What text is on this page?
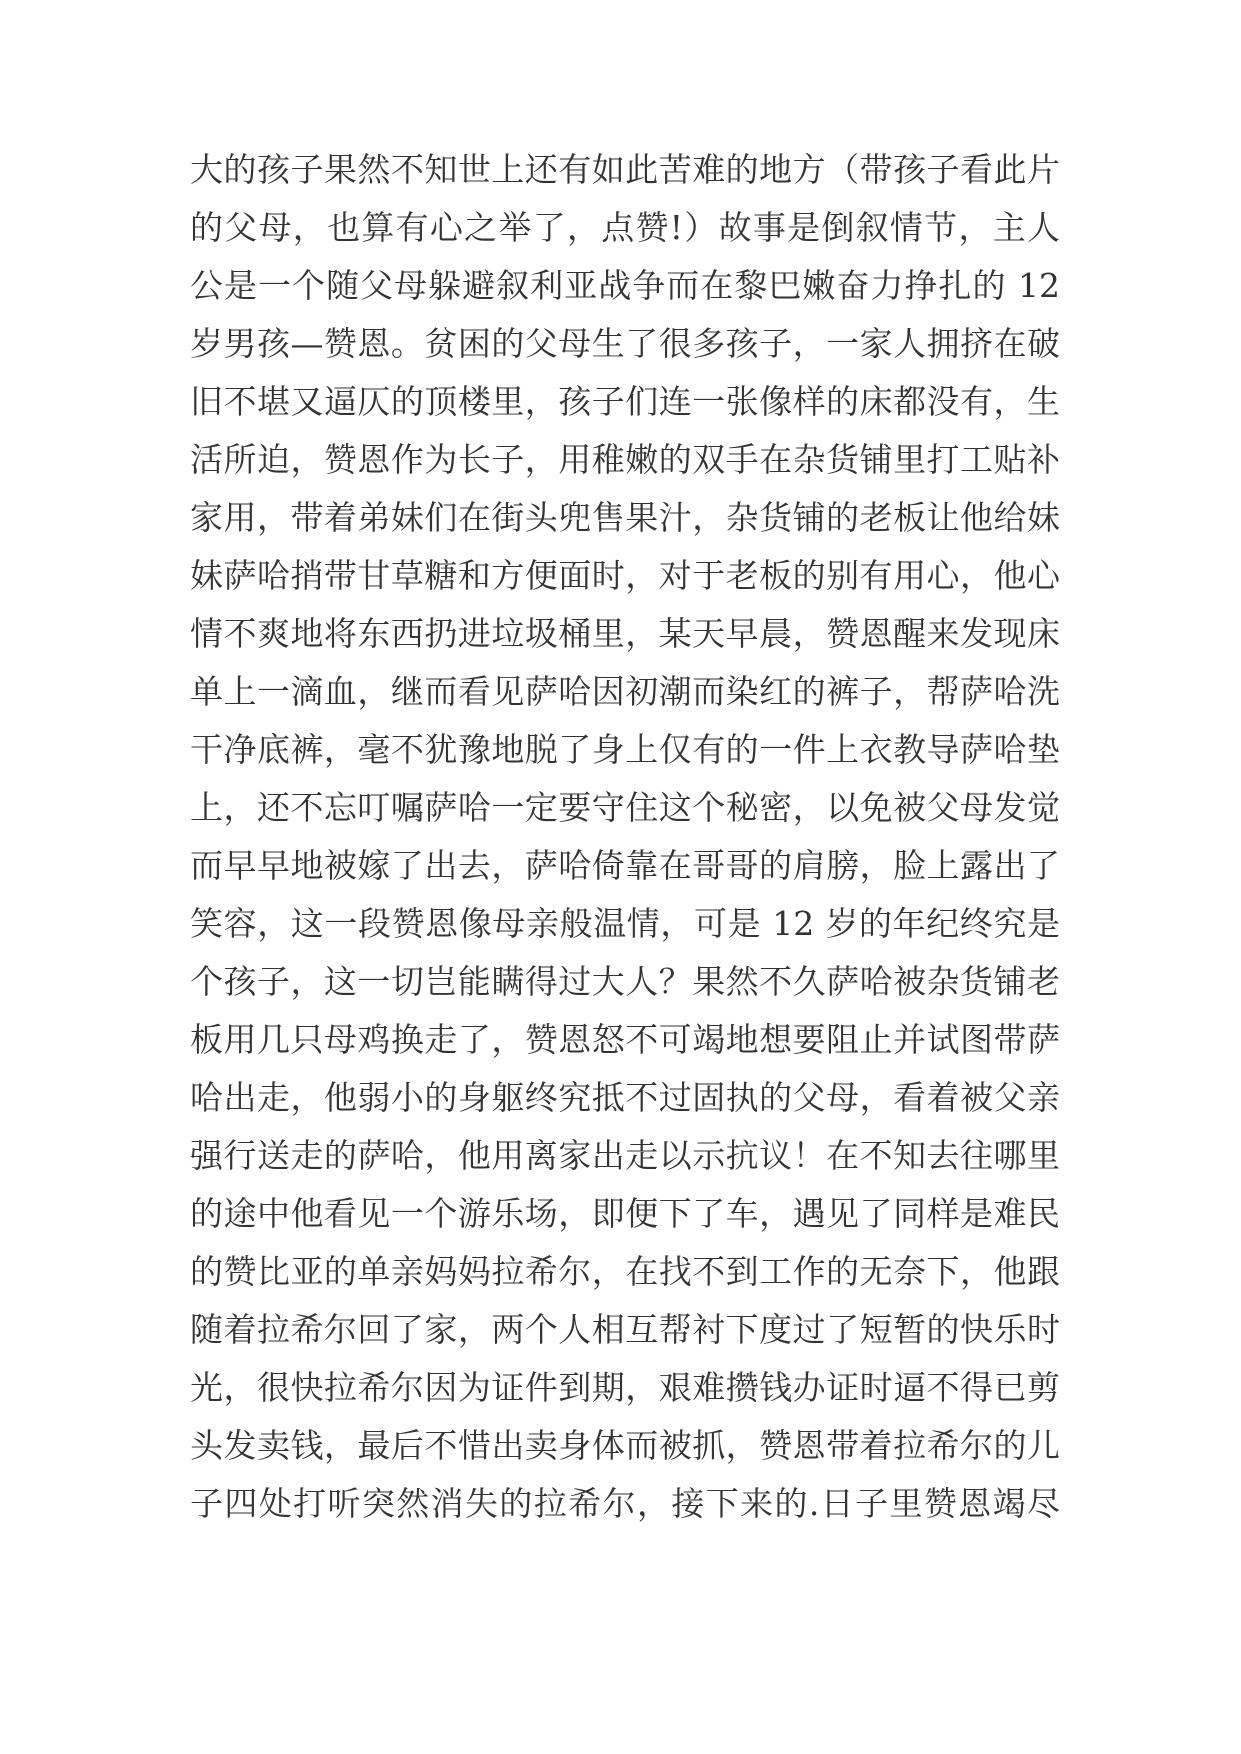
大的孩子果然不知世上还有如此苦难的地方（带孩子看此片
的父母，也算有心之举了，点赞!）故事是倒叙情节，主人
公是一个随父母躲避叙利亚战争而在黎巴嫩奋力挣扎的 12
岁男孩—赞恩。贫困的父母生了很多孩子，一家人拥挤在破
旧不堪又逼仄的顶楼里，孩子们连一张像样的床都没有，生
活所迫，赞恩作为长子，用稚嫩的双手在杂货铺里打工贴补
家用，带着弟妹们在街头兜售果汁，杂货铺的老板让他给妹
妹萨哈捎带甘草糖和方便面时，对于老板的别有用心，他心
情不爽地将东西扔进垃圾桶里，某天早晨，赞恩醒来发现床
单上一滴血，继而看见萨哈因初潮而染红的裤子，帮萨哈洗
干净底裤，毫不犹豫地脱了身上仅有的一件上衣教导萨哈垫
上，还不忘叮嘱萨哈一定要守住这个秘密，以免被父母发觉
而早早地被嫁了出去，萨哈倚靠在哥哥的肩膀，脸上露出了
笑容，这一段赞恩像母亲般温情，可是 12 岁的年纪终究是
个孩子，这一切岂能瞒得过大人？果然不久萨哈被杂货铺老
板用几只母鸡换走了，赞恩怒不可竭地想要阻止并试图带萨
哈出走，他弱小的身躯终究抵不过固执的父母，看着被父亲
强行送走的萨哈，他用离家出走以示抗议！在不知去往哪里
的途中他看见一个游乐场，即便下了车，遇见了同样是难民
的赞比亚的单亲妈妈拉希尔，在找不到工作的无奈下，他跟
随着拉希尔回了家，两个人相互帮衬下度过了短暂的快乐时
光，很快拉希尔因为证件到期，艰难攒钱办证时逼不得已剪
头发卖钱，最后不惜出卖身体而被抓，赞恩带着拉希尔的儿
子四处打听突然消失的拉希尔，接下来的.日子里赞恩竭尽
